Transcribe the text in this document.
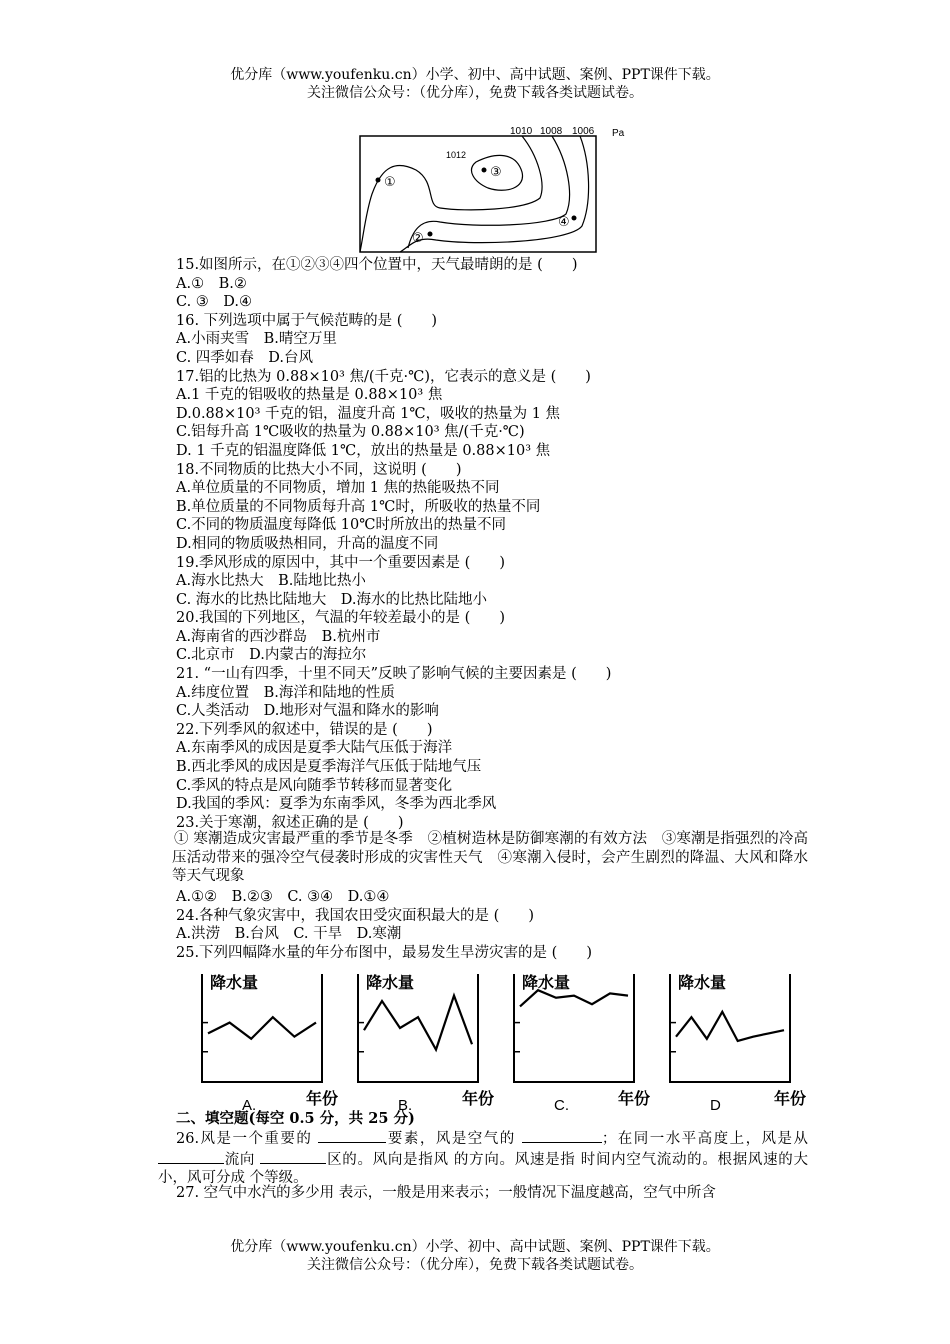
优分库（www.youfenku.cn）小学、初中、高中试题、案例、PPT课件下载。
关注微信公众号：（优分库），免费下载各类试题试卷。
1010 1008 1006 Pa
1012
①
②
③
④

15.如图所示，在①②③④四个位置中，天气最晴朗的是 (　　)

A.①　B.②

C. ③　D.④

16. 下列选项中属于气候范畴的是 (　　)

A.小雨夹雪　B.晴空万里

C. 四季如春　D.台风

17.铝的比热为 0.88×10³ 焦/(千克·℃)，它表示的意义是 (　　)

A.1 千克的铝吸收的热量是 0.88×10³ 焦

D.0.88×10³ 千克的铝，温度升高 1℃，吸收的热量为 1 焦

C.铝每升高 1℃吸收的热量为 0.88×10³ 焦/(千克·℃)

D. 1 千克的铝温度降低 1℃，放出的热量是 0.88×10³ 焦

18.不同物质的比热大小不同，这说明 (　　)

A.单位质量的不同物质，增加 1 焦的热能吸热不同

B.单位质量的不同物质每升高 1℃时，所吸收的热量不同

C.不同的物质温度每降低 10℃时所放出的热量不同

D.相同的物质吸热相同，升高的温度不同

19.季风形成的原因中，其中一个重要因素是 (　　)

A.海水比热大　B.陆地比热小

C. 海水的比热比陆地大　D.海水的比热比陆地小

20.我国的下列地区，气温的年较差最小的是 (　　)

A.海南省的西沙群岛　B.杭州市

C.北京市　D.内蒙古的海拉尔

21. “一山有四季，十里不同天”反映了影响气候的主要因素是 (　　)

A.纬度位置　B.海洋和陆地的性质

C.人类活动　D.地形对气温和降水的影响

22.下列季风的叙述中，错误的是 (　　)

A.东南季风的成因是夏季大陆气压低于海洋

B.西北季风的成因是夏季海洋气压低于陆地气压

C.季风的特点是风向随季节转移而显著变化

D.我国的季风：夏季为东南季风，冬季为西北季风

23.关于寒潮，叙述正确的是 (　　)

A.①②　B.②③　C. ③④　D.①④

24.各种气象灾害中，我国农田受灾面积最大的是 (　　)

A.洪涝　B.台风　C. 干旱　D.寒潮

25.下列四幅降水量的年分布图中，最易发生旱涝灾害的是 (　　)

① 寒潮造成灾害最严重的季节是冬季　②植树造林是防御寒潮的有效方法　③寒潮是指强烈的冷高压活动带来的强冷空气侵袭时形成的灾害性天气　④寒潮入侵时，会产生剧烈的降温、大风和降水等天气现象
降水量
年份
A.
降水量
年份
B.
降水量
年份
C.
降水量
年份
D

二、填空题(每空 0.5 分，共 25 分)

26.风是一个重要的	要素，风是空气的	；在同一水平高度上，风是从流向	区的。风向是指风 的方向。风速是指 时间内空气流动的。根据风速的大小，风可分成 个等级。
27. 空气中水汽的多少用 表示，一般是用来表示；一般情况下温度越高，空气中所含
优分库（www.youfenku.cn）小学、初中、高中试题、案例、PPT课件下载。
关注微信公众号：（优分库），免费下载各类试题试卷。
